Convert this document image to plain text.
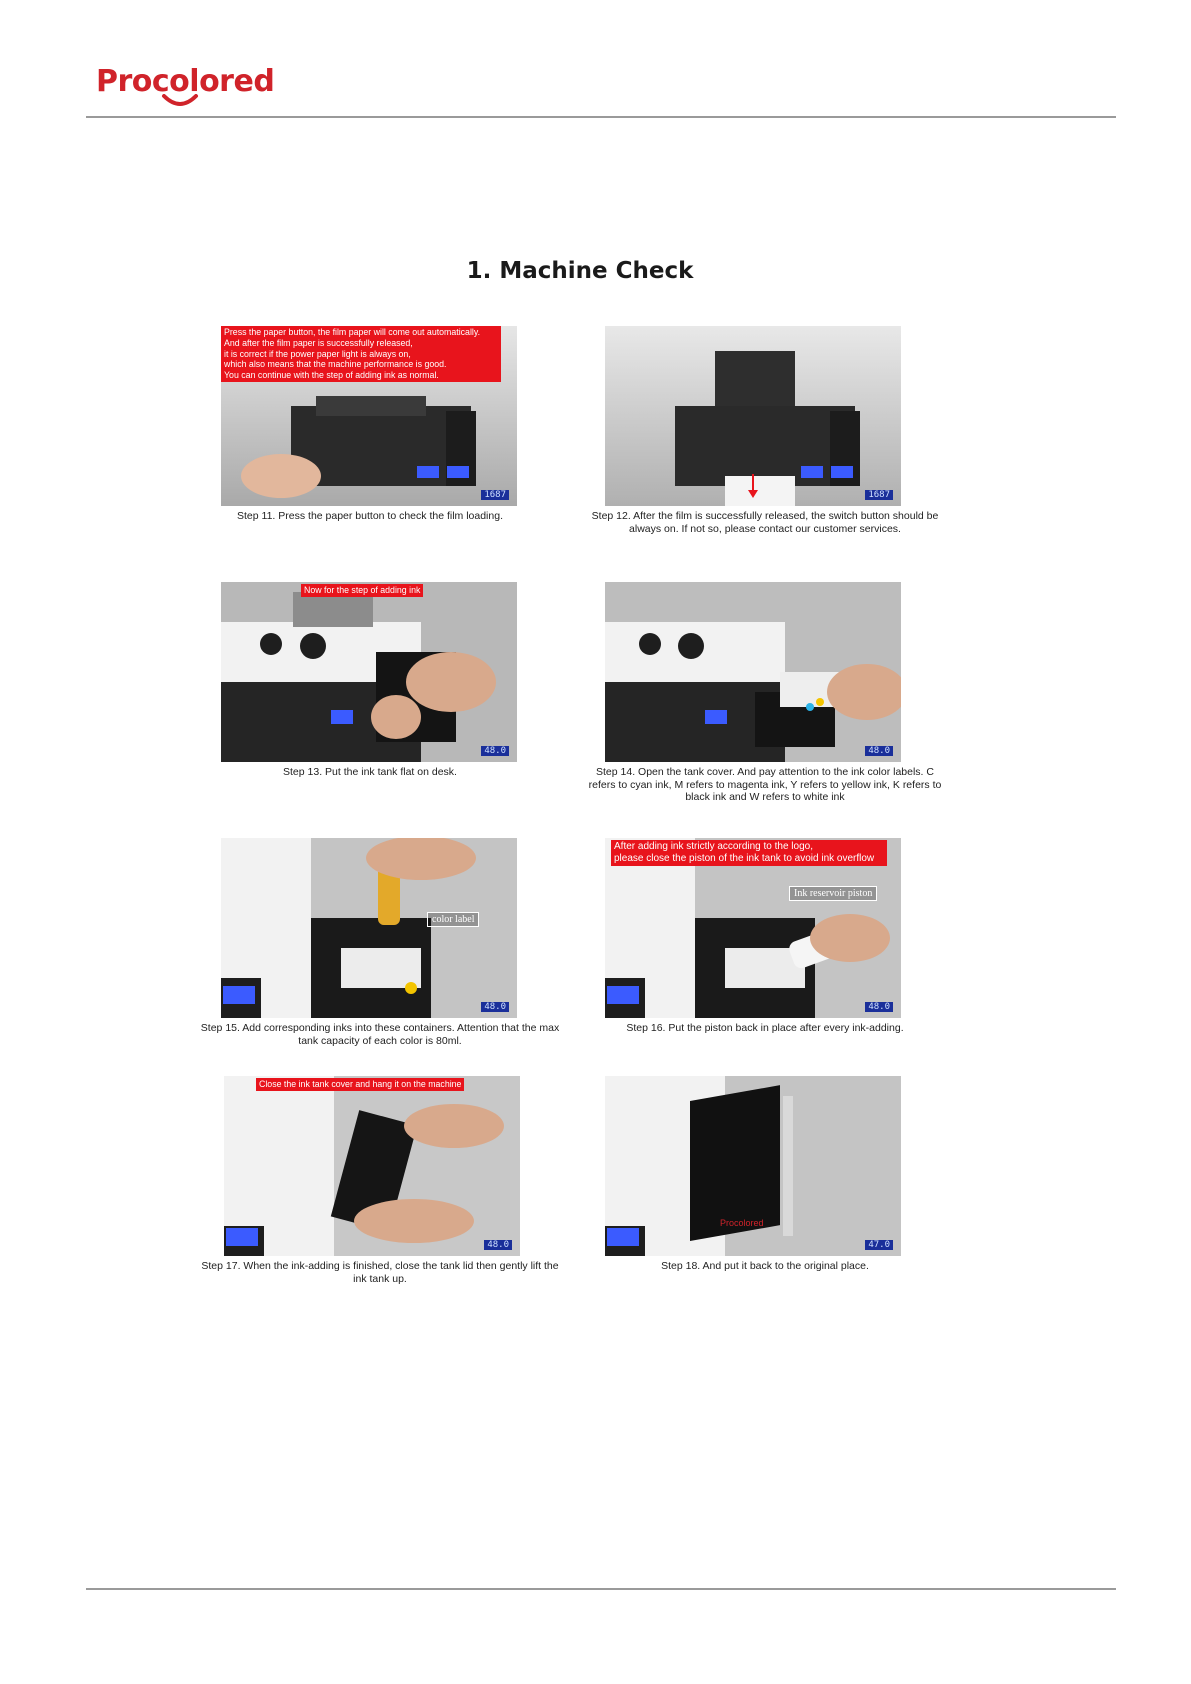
Procolored
1. Machine Check
Press the paper button, the film paper will come out automatically.
And after the film paper is successfully released,
it is correct if the power paper light is always on,
which also means that the machine performance is good.
You can continue with the step of adding ink as normal.
1687
Step 11. Press the paper button to check the film loading.
1687
Step 12. After the film is successfully released, the switch button should be always on. If not so, please contact our customer services.
Now for the step of adding ink
48.0
Step 13. Put the ink tank flat on desk.
48.0
Step 14. Open the tank cover. And pay attention to the ink color labels. C refers to cyan ink, M refers to magenta ink, Y refers to yellow ink, K refers to black ink and W refers to white ink
color label
48.0
Step 15. Add corresponding inks into these containers. Attention that the max tank capacity of each color is 80ml.
After adding ink strictly according to the logo,
please close the piston of the ink tank to avoid ink overflow
Ink reservoir piston
48.0
Step 16. Put the piston back in place after every ink-adding.
Close the ink tank cover and hang it on the machine
48.0
Step 17. When the ink-adding is finished, close the tank lid then gently lift the ink tank up.
Procolored
47.0
Step 18. And put it back to the original place.
